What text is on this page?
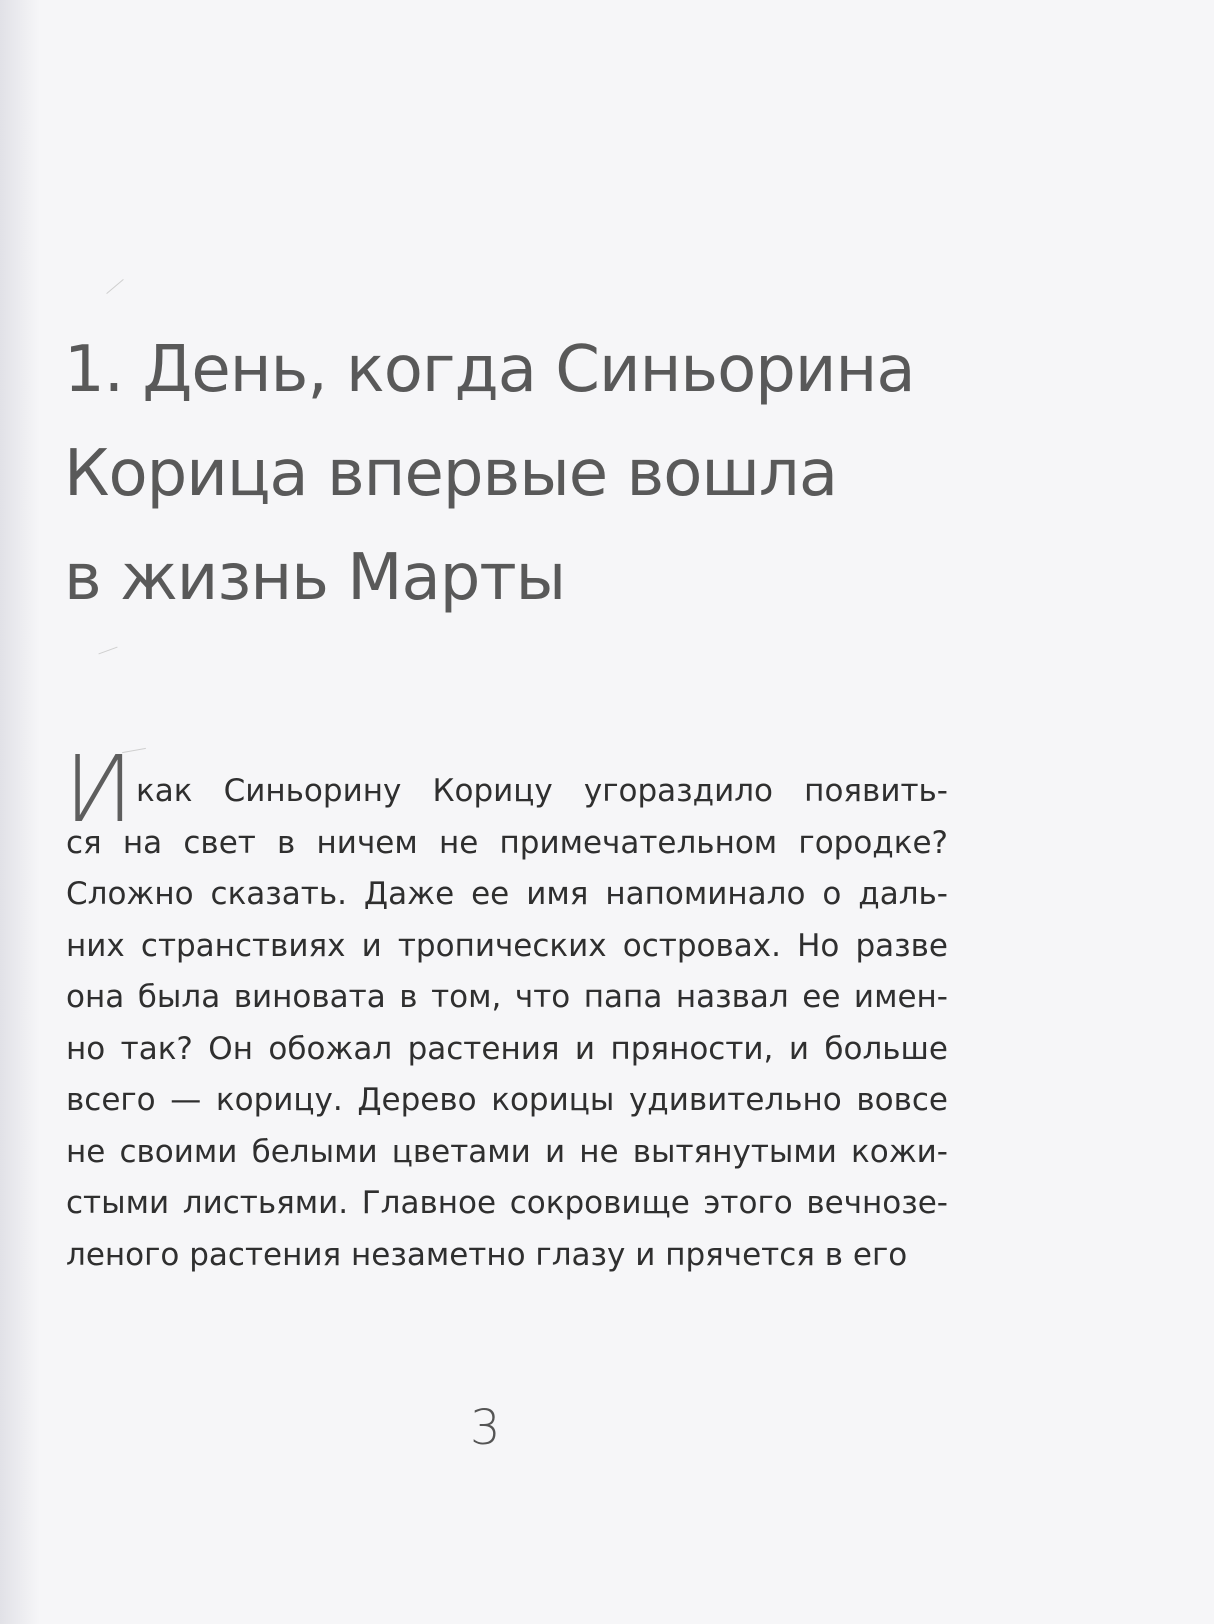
1. День, когда Синьорина
Корица впервые вошла
в жизнь Марты
И как Синьорину Корицу угораздило появить-
ся на свет в ничем не примечательном городке?
Сложно сказать. Даже ее имя напоминало о даль-
них странствиях и тропических островах. Но разве
она была виновата в том, что папа назвал ее имен-
но так? Он обожал растения и пряности, и больше
всего — корицу. Дерево корицы удивительно вовсе
не своими белыми цветами и не вытянутыми кожи-
стыми листьями. Главное сокровище этого вечнозе-
леного растения незаметно глазу и прячется в его
3
